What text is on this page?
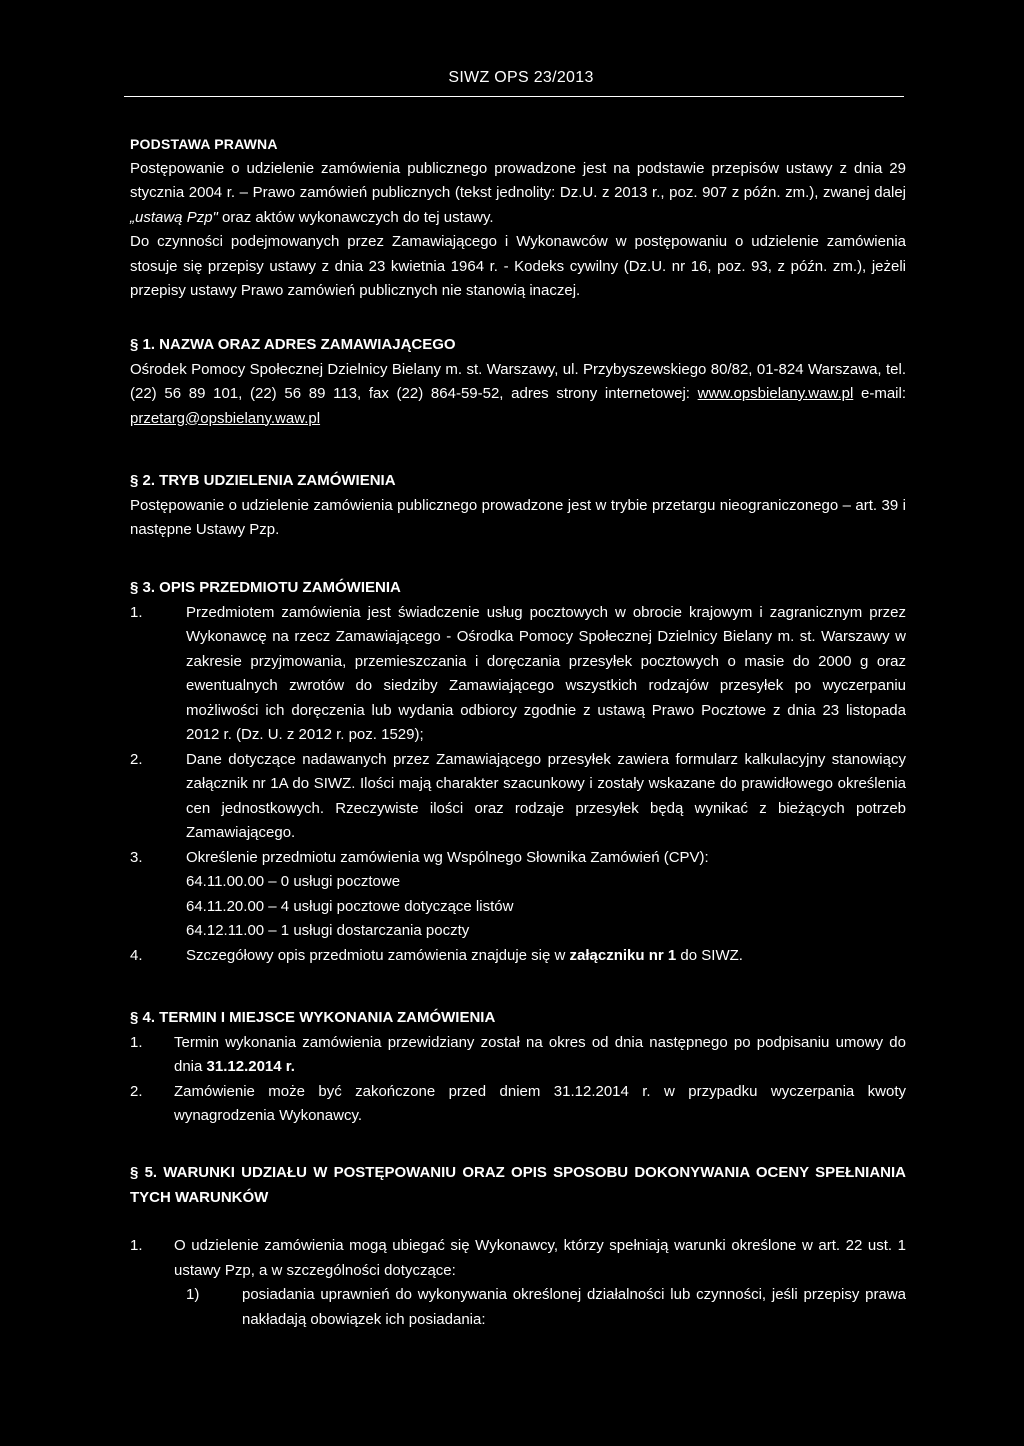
SIWZ OPS 23/2013
PODSTAWA PRAWNA
Postępowanie o udzielenie zamówienia publicznego prowadzone jest na podstawie przepisów ustawy z dnia 29 stycznia 2004 r. – Prawo zamówień publicznych (tekst jednolity: Dz.U. z 2013 r., poz. 907 z późn. zm.), zwanej dalej „ustawą Pzp" oraz aktów wykonawczych do tej ustawy.
Do czynności podejmowanych przez Zamawiającego i Wykonawców w postępowaniu o udzielenie zamówienia stosuje się przepisy ustawy z dnia 23 kwietnia 1964 r. - Kodeks cywilny (Dz.U. nr 16, poz. 93, z późn. zm.), jeżeli przepisy ustawy Prawo zamówień publicznych nie stanowią inaczej.
§ 1. NAZWA ORAZ ADRES ZAMAWIAJĄCEGO
Ośrodek Pomocy Społecznej Dzielnicy Bielany m. st. Warszawy, ul. Przybyszewskiego 80/82, 01-824 Warszawa, tel. (22) 56 89 101, (22) 56 89 113, fax (22) 864-59-52, adres strony internetowej: www.opsbielany.waw.pl e-mail: przetarg@opsbielany.waw.pl
§ 2. TRYB UDZIELENIA ZAMÓWIENIA
Postępowanie o udzielenie zamówienia publicznego prowadzone jest w trybie przetargu nieograniczonego – art. 39 i następne Ustawy Pzp.
§ 3. OPIS PRZEDMIOTU ZAMÓWIENIA
1.	Przedmiotem zamówienia jest świadczenie usług pocztowych w obrocie krajowym i zagranicznym przez Wykonawcę na rzecz Zamawiającego - Ośrodka Pomocy Społecznej Dzielnicy Bielany m. st. Warszawy w zakresie przyjmowania, przemieszczania i doręczania przesyłek pocztowych o masie do 2000 g oraz ewentualnych zwrotów do siedziby Zamawiającego wszystkich rodzajów przesyłek po wyczerpaniu możliwości ich doręczenia lub wydania odbiorcy zgodnie z ustawą Prawo Pocztowe z dnia 23 listopada 2012 r. (Dz. U. z 2012 r. poz. 1529);
2.	Dane dotyczące nadawanych przez Zamawiającego przesyłek zawiera formularz kalkulacyjny stanowiący załącznik nr 1A do SIWZ. Ilości mają charakter szacunkowy i zostały wskazane do prawidłowego określenia cen jednostkowych. Rzeczywiste ilości oraz rodzaje przesyłek będą wynikać z bieżących potrzeb Zamawiającego.
3.	Określenie przedmiotu zamówienia wg Wspólnego Słownika Zamówień (CPV):
64.11.00.00 – 0 usługi pocztowe
64.11.20.00 – 4 usługi pocztowe dotyczące listów
64.12.11.00 – 1 usługi dostarczania poczty
4.	Szczegółowy opis przedmiotu zamówienia znajduje się w załączniku nr 1 do SIWZ.
§ 4. TERMIN I MIEJSCE WYKONANIA ZAMÓWIENIA
1. Termin wykonania zamówienia przewidziany został na okres od dnia następnego po podpisaniu umowy do dnia 31.12.2014 r.
2. Zamówienie może być zakończone przed dniem 31.12.2014 r. w przypadku wyczerpania kwoty wynagrodzenia Wykonawcy.
§ 5. WARUNKI UDZIAŁU W POSTĘPOWANIU ORAZ OPIS SPOSOBU DOKONYWANIA OCENY SPEŁNIANIA TYCH WARUNKÓW
1. O udzielenie zamówienia mogą ubiegać się Wykonawcy, którzy spełniają warunki określone w art. 22 ust. 1 ustawy Pzp, a w szczególności dotyczące:
1)	posiadania uprawnień do wykonywania określonej działalności lub czynności, jeśli przepisy prawa nakładają obowiązek ich posiadania:
